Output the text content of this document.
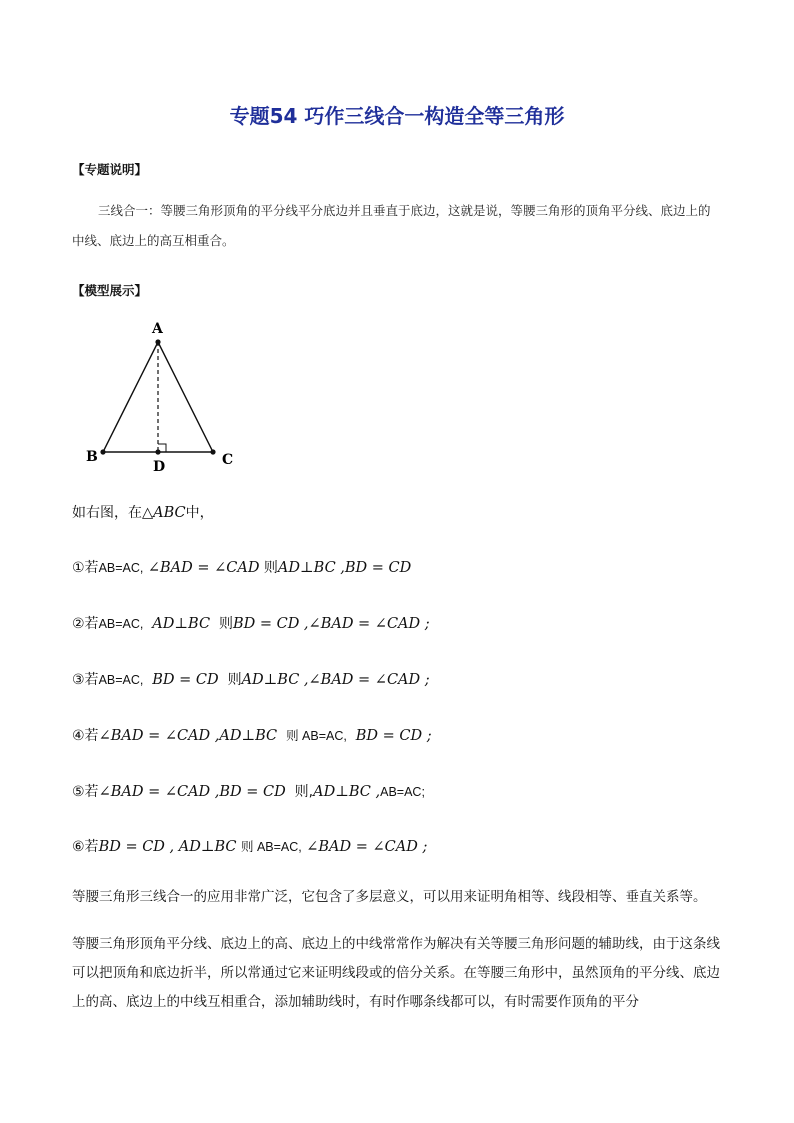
专题54 巧作三线合一构造全等三角形
【专题说明】
三线合一：等腰三角形顶角的平分线平分底边并且垂直于底边，这就是说，等腰三角形的顶角平分线、底边上的中线、底边上的高互相重合。
【模型展示】
A
B	C
D
如右图，在△ABC中，
①若AB=AC, ∠BAD = ∠CAD 则AD⊥BC ,BD = CD
②若AB=AC, AD⊥BC 则BD = CD ,∠BAD = ∠CAD ;
③若AB=AC, BD = CD 则AD⊥BC ,∠BAD = ∠CAD ;
④若∠BAD = ∠CAD ,AD⊥BC 则 AB=AC, BD = CD ;
⑤若∠BAD = ∠CAD ,BD = CD 则,AD⊥BC ,AB=AC;
⑥若BD = CD , AD⊥BC 则 AB=AC, ∠BAD = ∠CAD ;
等腰三角形三线合一的应用非常广泛，它包含了多层意义，可以用来证明角相等、线段相等、垂直关系等。
等腰三角形顶角平分线、底边上的高、底边上的中线常常作为解决有关等腰三角形问题的辅助线，由于这条线可以把顶角和底边折半，所以常通过它来证明线段或的倍分关系。在等腰三角形中，虽然顶角的平分线、底边上的高、底边上的中线互相重合，添加辅助线时，有时作哪条线都可以，有时需要作顶角的平分
